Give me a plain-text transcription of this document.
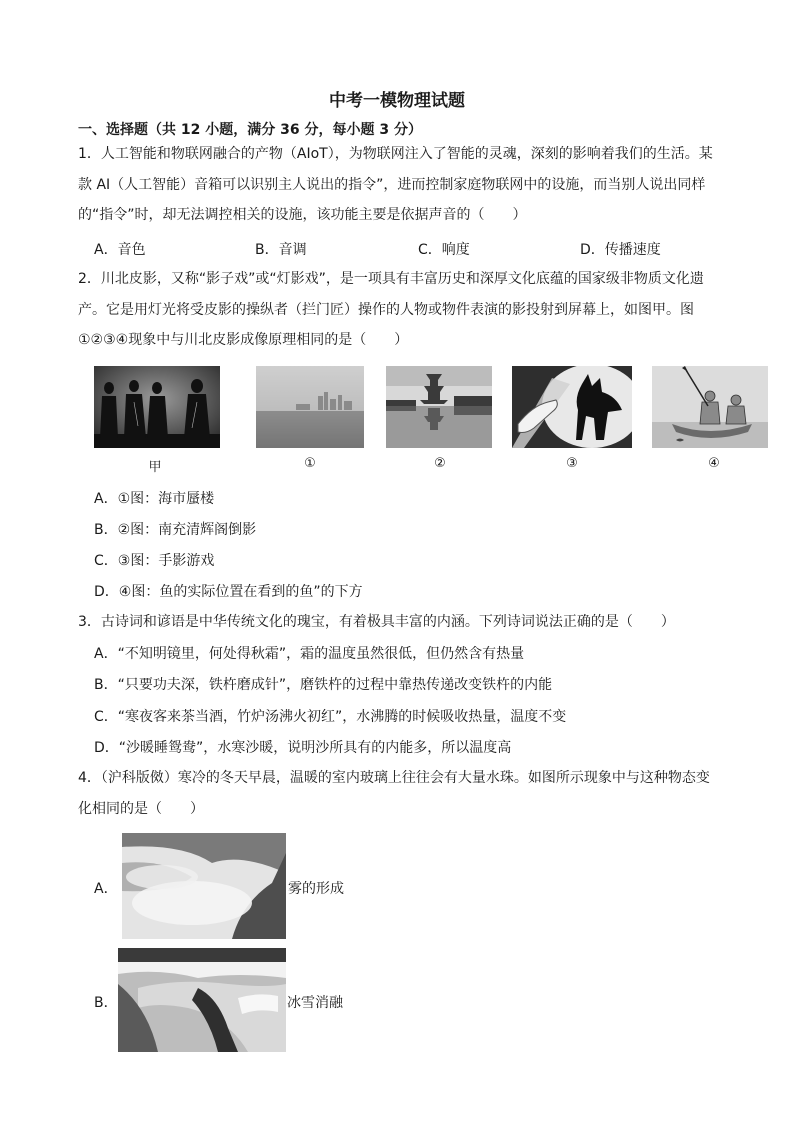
中考一模物理试题
一、选择题（共 12 小题，满分 36 分，每小题 3 分）
1．人工智能和物联网融合的产物（AIoT），为物联网注入了智能的灵魂，深刻的影响着我们的生活。某
款 AI（人工智能）音箱可以识别主人说出的指令”，进而控制家庭物联网中的设施，而当别人说出同样
的“指令”时，却无法调控相关的设施，该功能主要是依据声音的（　　）
A．音色	B．音调	C．响度	D．传播速度
2．川北皮影，又称“影子戏”或“灯影戏”，是一项具有丰富历史和深厚文化底蕴的国家级非物质文化遗
产。它是用灯光将受皮影的操纵者（拦门匠）操作的人物或物件表演的影投射到屏幕上，如图甲。图
①②③④现象中与川北皮影成像原理相同的是（　　）
甲	①	②	③	④
A．①图：海市蜃楼
B．②图：南充清辉阁倒影
C．③图：手影游戏
D．④图：鱼的实际位置在看到的鱼”的下方
3．古诗词和谚语是中华传统文化的瑰宝，有着极具丰富的内涵。下列诗词说法正确的是（　　）
A．“不知明镜里，何处得秋霜”，霜的温度虽然很低，但仍然含有热量
B．“只要功夫深，铁杵磨成针”，磨铁杵的过程中靠热传递改变铁杵的内能
C．“寒夜客来茶当酒，竹炉汤沸火初红”，水沸腾的时候吸收热量，温度不变
D．“沙暖睡鸳鸯”，水寒沙暖，说明沙所具有的内能多，所以温度高
4．（沪科版傚）寒冷的冬天早晨，温暖的室内玻璃上往往会有大量水珠。如图所示现象中与这种物态变
化相同的是（　　）
A．	雾的形成
B．	冰雪消融
